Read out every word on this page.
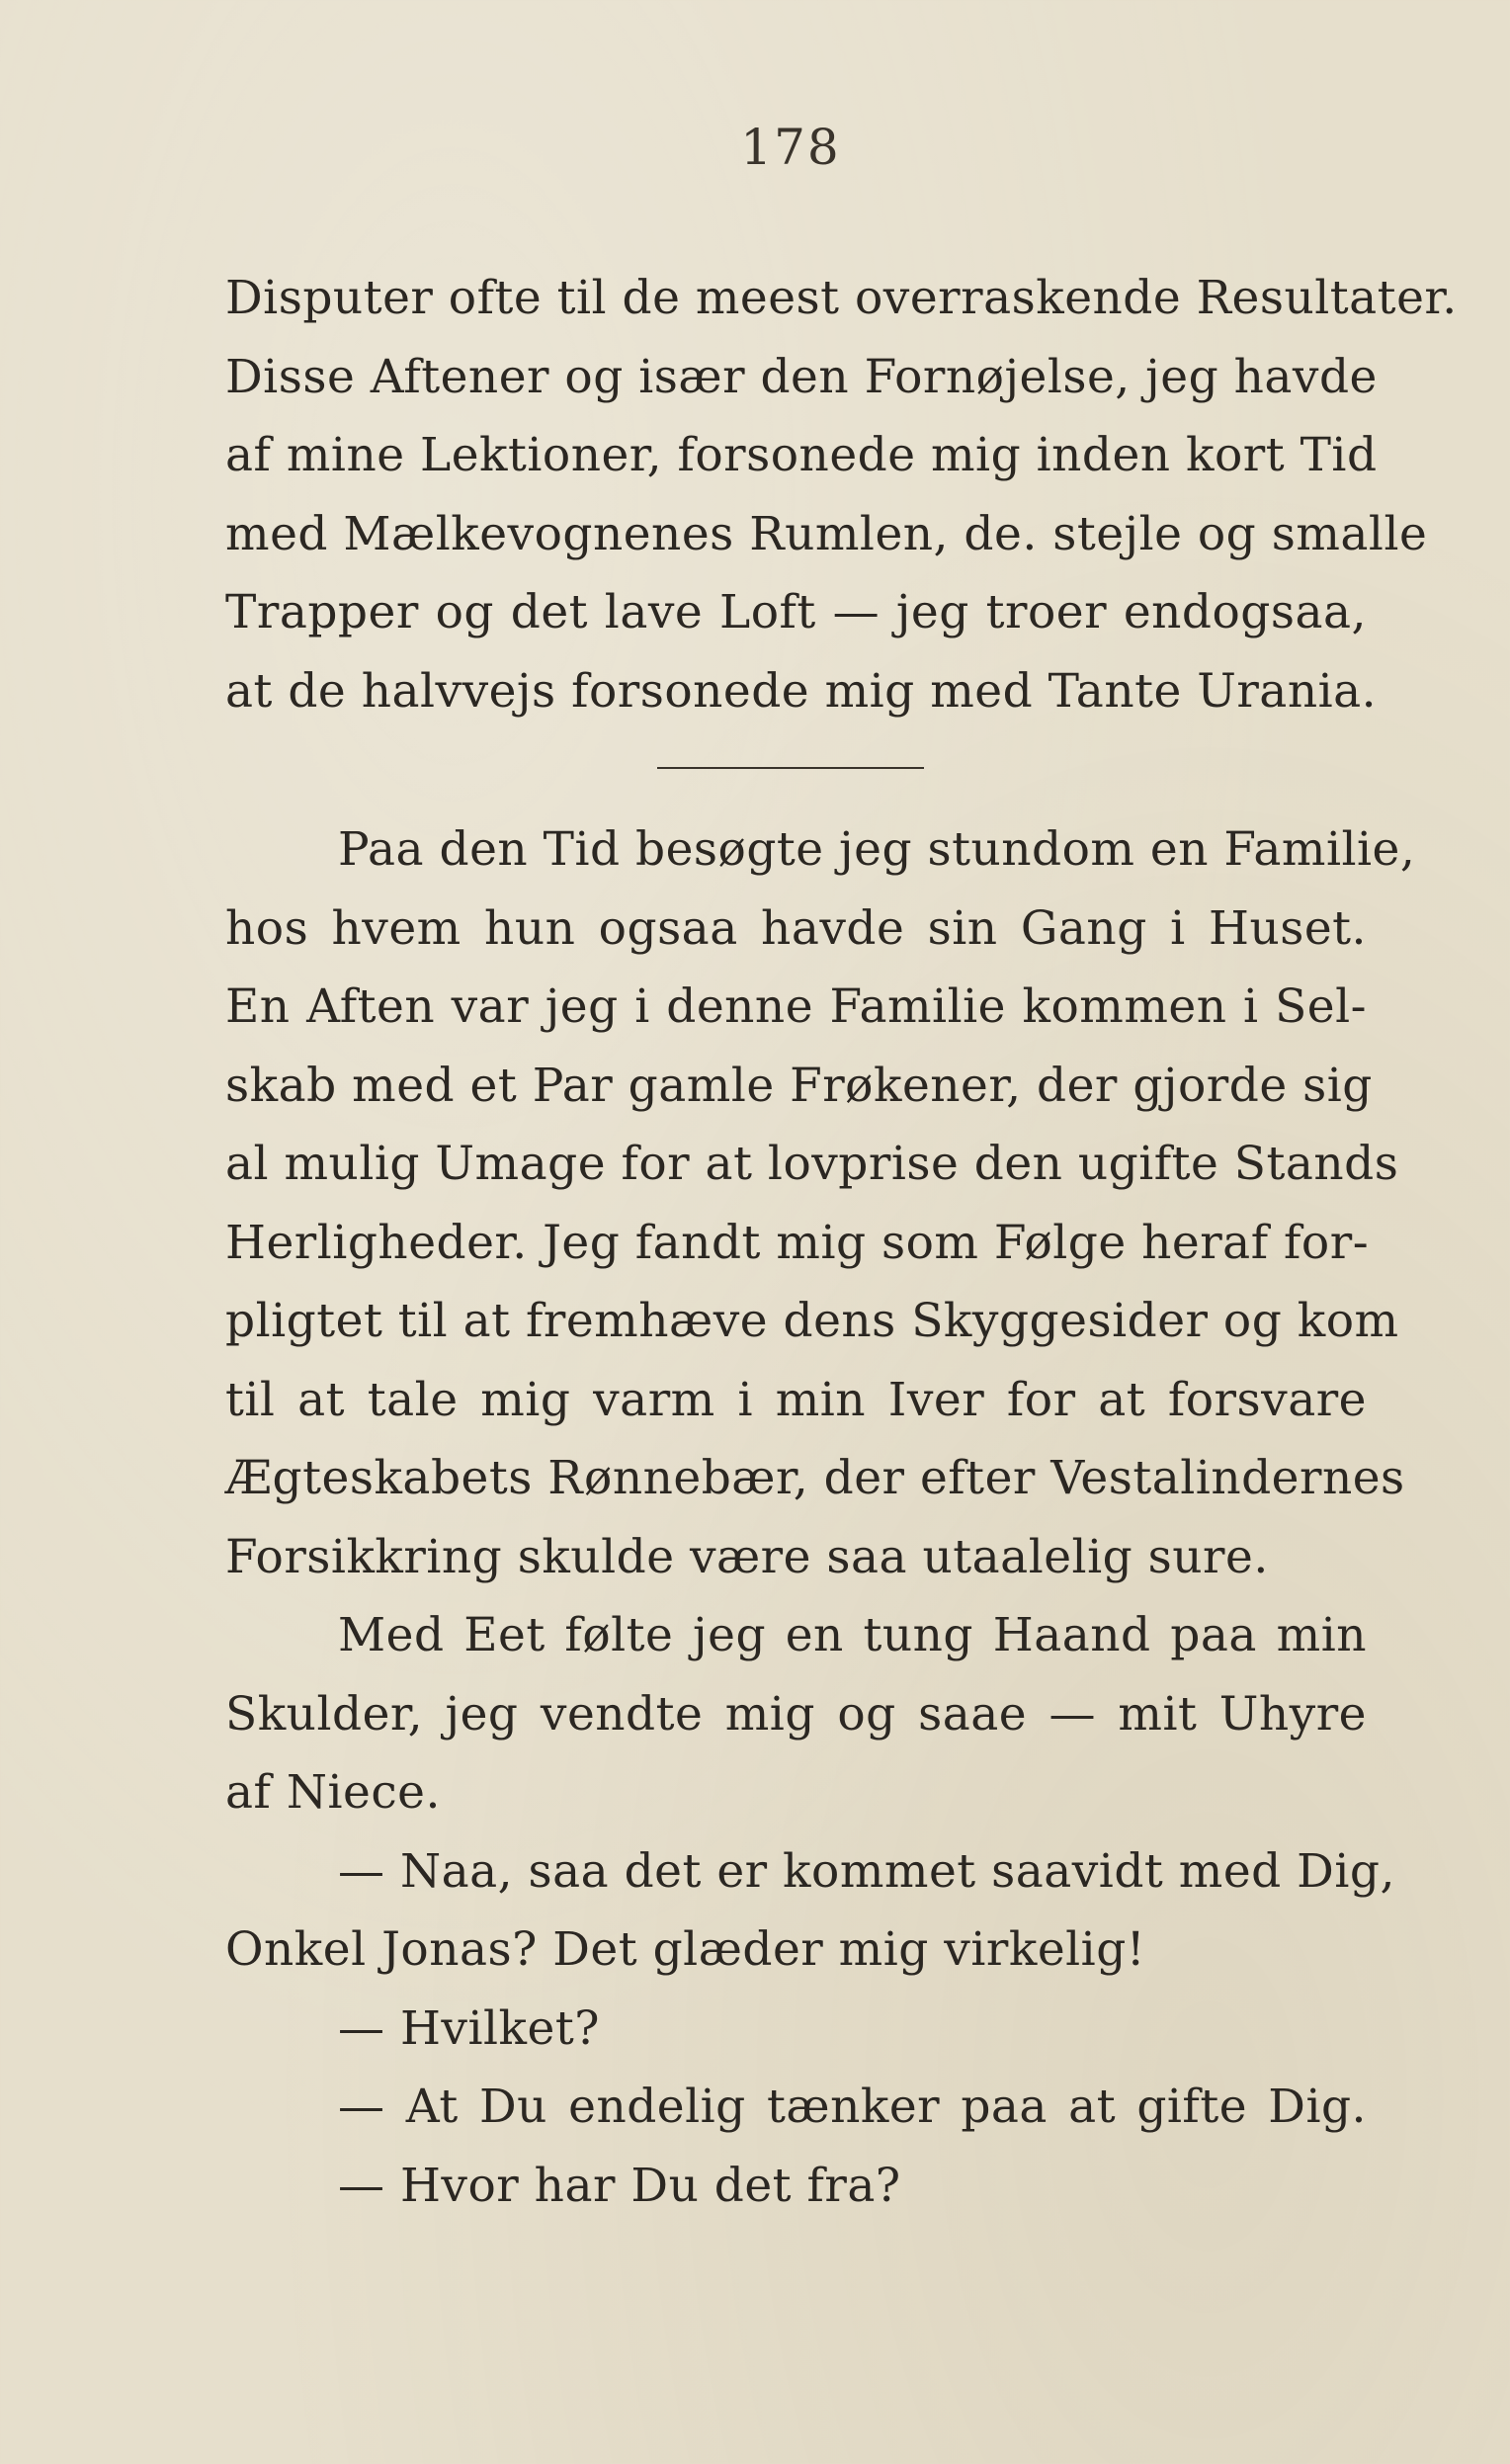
178
Disputer ofte til de meest overraskende Resultater.
Disse Aftener og især den Fornøjelse, jeg havde
af mine Lektioner, forsonede mig inden kort Tid
med Mælkevognenes Rumlen, de. stejle og smalle
Trapper og det lave Loft — jeg troer endogsaa,
at de halvvejs forsonede mig med Tante Urania.
Paa den Tid besøgte jeg stundom en Familie,
hos hvem hun ogsaa havde sin Gang i Huset.
En Aften var jeg i denne Familie kommen i Sel-
skab med et Par gamle Frøkener, der gjorde sig
al mulig Umage for at lovprise den ugifte Stands
Herligheder. Jeg fandt mig som Følge heraf for-
pligtet til at fremhæve dens Skyggesider og kom
til at tale mig varm i min Iver for at forsvare
Ægteskabets Rønnebær, der efter Vestalindernes
Forsikkring skulde være saa utaalelig sure.
Med Eet følte jeg en tung Haand paa min
Skulder, jeg vendte mig og saae — mit Uhyre
af Niece.
— Naa, saa det er kommet saavidt med Dig,
Onkel Jonas? Det glæder mig virkelig!
— Hvilket?
— At Du endelig tænker paa at gifte Dig.
— Hvor har Du det fra?
